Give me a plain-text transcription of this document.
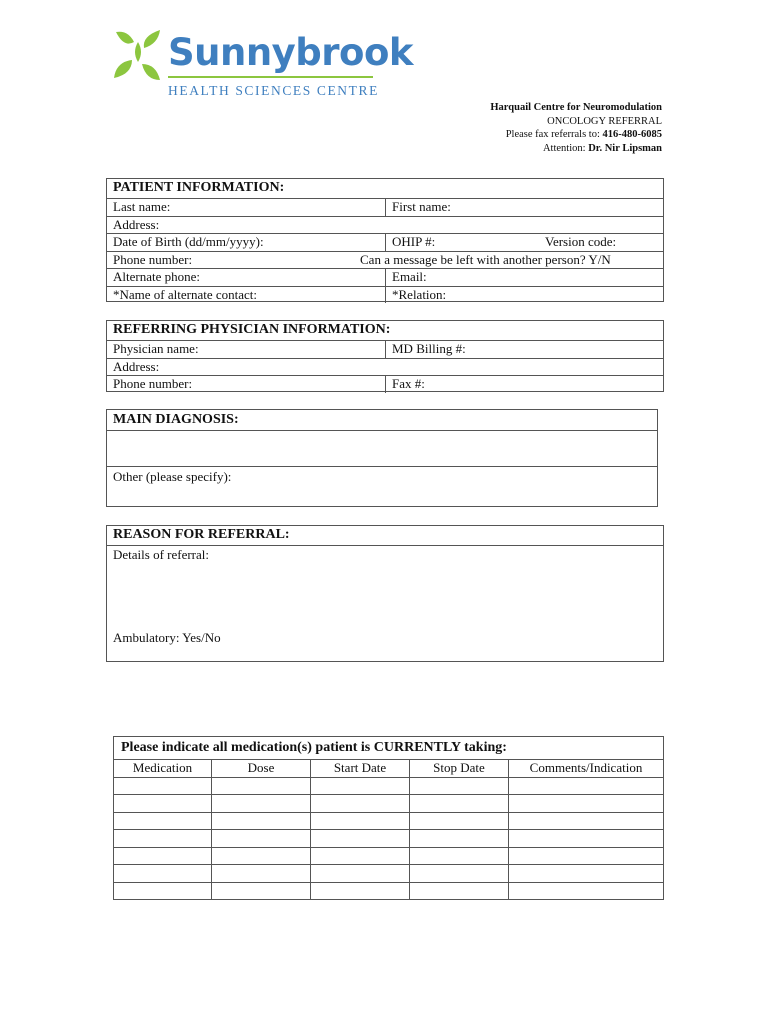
Sunnybrook
HEALTH SCIENCES CENTRE
Harquail Centre for Neuromodulation
ONCOLOGY REFERRAL
Please fax referrals to: 416-480-6085
Attention: Dr. Nir Lipsman
PATIENT INFORMATION:
Last name:	First name:
Address:
Date of Birth (dd/mm/yyyy):	OHIP #:	Version code:
Phone number:	Can a message be left with another person? Y/N
Alternate phone:	Email:
*Name of alternate contact:	*Relation:
REFERRING PHYSICIAN INFORMATION:
Physician name:	MD Billing #:
Address:
Phone number:	Fax #:
MAIN DIAGNOSIS:
Other (please specify):
REASON FOR REFERRAL:
Details of referral:
Ambulatory: Yes/No
Please indicate all medication(s) patient is CURRENTLY taking:
Medication	Dose	Start Date	Stop Date	Comments/Indication
